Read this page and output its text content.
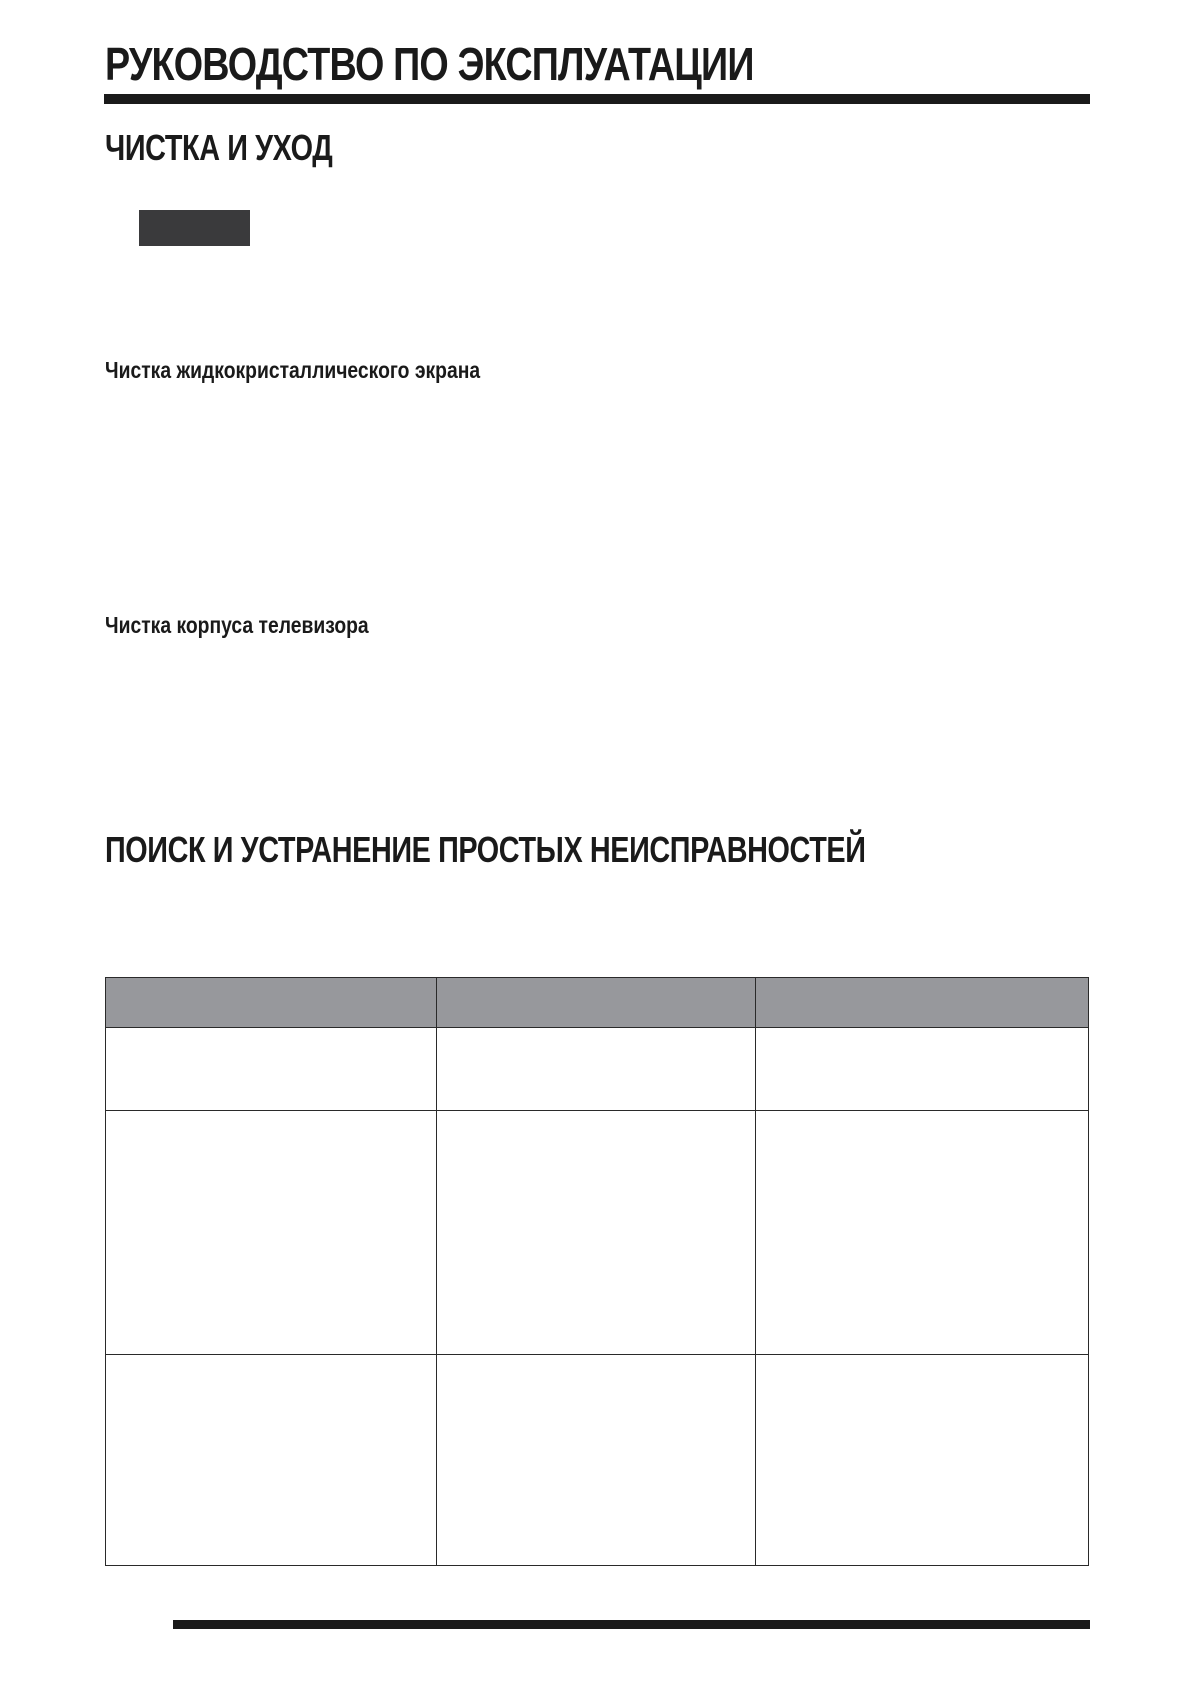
РУКОВОДСТВО ПО ЭКСПЛУАТАЦИИ
ЧИСТКА И УХОД
Чистка жидкокристаллического экрана
Чистка корпуса телевизора
ПОИСК И УСТРАНЕНИЕ ПРОСТЫХ НЕИСПРАВНОСТЕЙ
